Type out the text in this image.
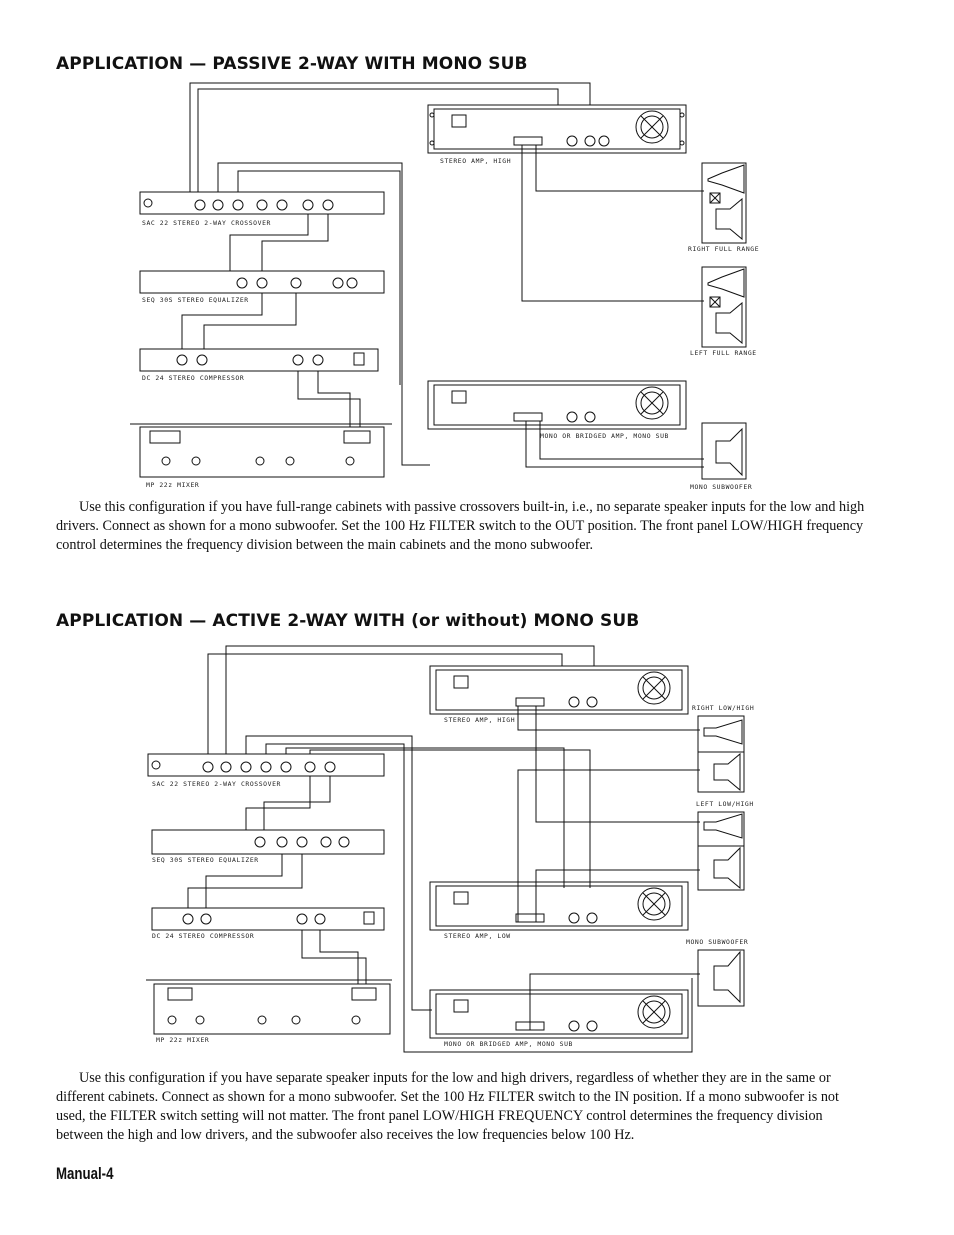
APPLICATION — PASSIVE 2-WAY WITH MONO SUB
STEREO AMP, HIGH
SAC 22 STEREO 2-WAY CROSSOVER
SEQ 30S STEREO EQUALIZER
DC 24 STEREO COMPRESSOR
MP 22z MIXER
MONO OR BRIDGED AMP, MONO SUB
RIGHT FULL RANGE
LEFT FULL RANGE
MONO SUBWOOFER

Use this configuration if you have full-range cabinets with passive crossovers built-in, i.e., no separate speaker inputs for the low and high drivers. Connect as shown for a mono subwoofer. Set the 100 Hz FILTER switch to the OUT position. The front panel LOW/HIGH frequency control determines the frequency division between the main cabinets and the mono subwoofer.

APPLICATION — ACTIVE 2-WAY WITH (or without) MONO SUB
STEREO AMP, HIGH
SAC 22 STEREO 2-WAY CROSSOVER
SEQ 30S STEREO EQUALIZER
DC 24 STEREO COMPRESSOR
MP 22z MIXER
STEREO AMP, LOW
MONO OR BRIDGED AMP, MONO SUB
RIGHT LOW/HIGH
LEFT LOW/HIGH
MONO SUBWOOFER

Use this configuration if you have separate speaker inputs for the low and high drivers, regardless of whether they are in the same or different cabinets. Connect as shown for a mono subwoofer. Set the 100 Hz FILTER switch to the IN position. If a mono subwoofer is not used, the FILTER switch setting will not matter. The front panel LOW/HIGH FREQUENCY control determines the frequency division between the high and low drivers, and the subwoofer also receives the low frequencies below 100 Hz.

Manual-4
